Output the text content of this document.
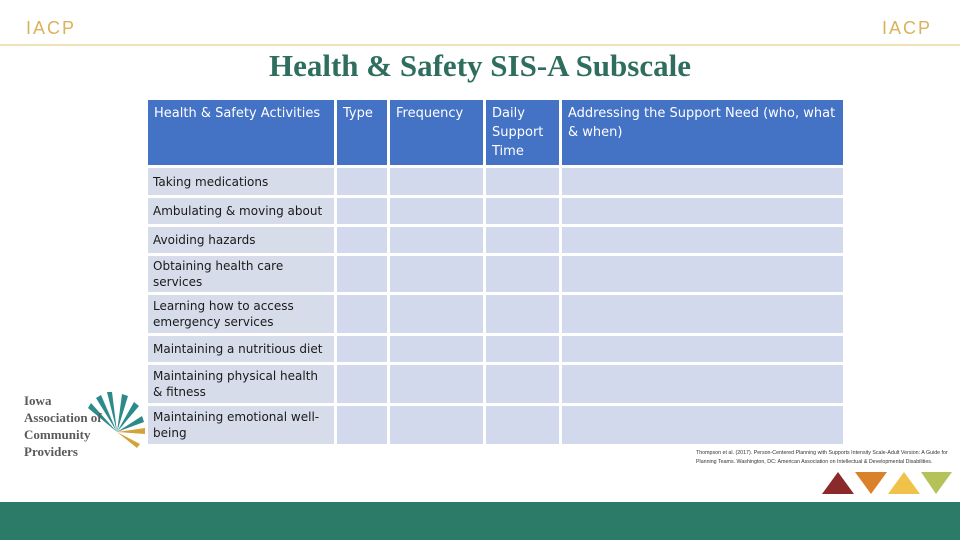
IACP	IACP
Health & Safety SIS-A Subscale
Health & Safety Activities	Type	Frequency	Daily Support Time	Addressing the Support Need (who, what & when)
Taking medications				
Ambulating & moving about				
Avoiding hazards				
Obtaining health care services				
Learning how to access emergency services				
Maintaining a nutritious diet				
Maintaining physical health & fitness				
Maintaining emotional well-being				
Iowa
Association of
Community
Providers	Thompson et al. (2017). Person-Centered Planning with Supports Intensity Scale-Adult Version: A Guide for Planning Teams. Washington, DC: American Association on Intellectual & Developmental Disabilities.
